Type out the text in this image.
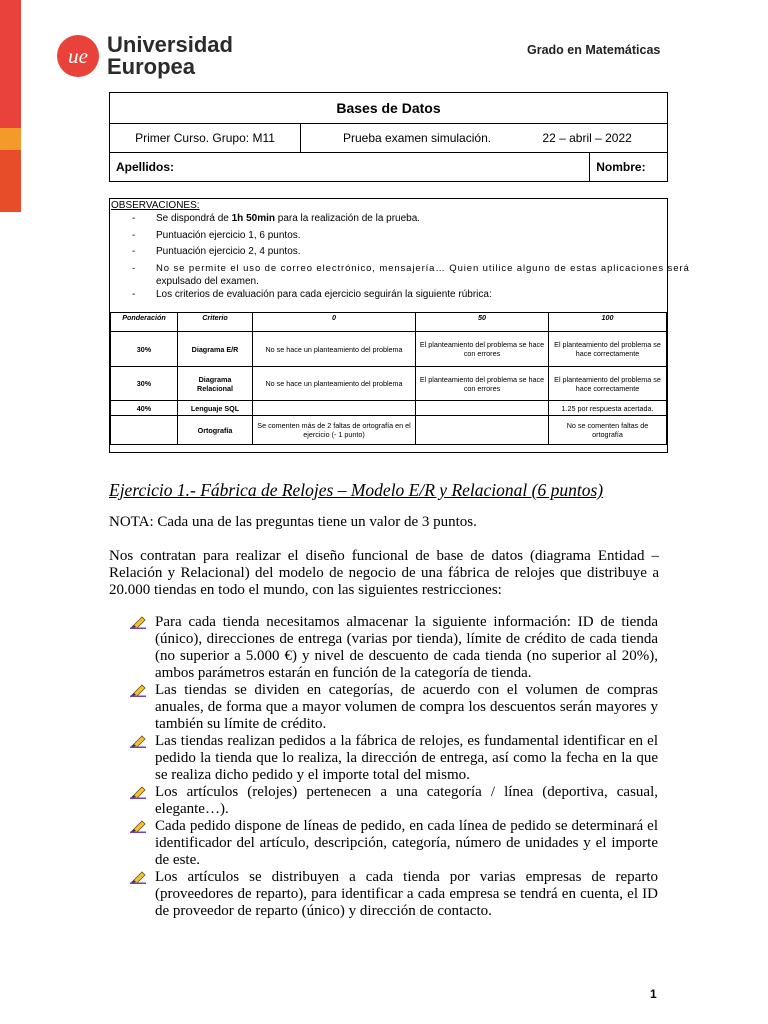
ue Universidad
Europea
Grado en Matemáticas
Bases de Datos		
Primer Curso. Grupo: M11	Prueba examen simulación. 22 – abril – 2022	
Apellidos:		Nombre:
OBSERVACIONES:
- Se dispondrá de 1h 50min para la realización de la prueba.
- Puntuación ejercicio 1, 6 puntos.
- Puntuación ejercicio 2, 4 puntos.
- No se permite el uso de correo electrónico, mensajería… Quien utilice alguno de estas aplicaciones será
expulsado del examen.
- Los criterios de evaluación para cada ejercicio seguirán la siguiente rúbrica:
Ponderación	Criterio	0	50	100
30%	Diagrama E/R	No se hace un planteamiento del problema	El planteamiento del problema se hace con errores	El planteamiento del problema se hace correctamente
30%	Diagrama Relacional	No se hace un planteamiento del problema	El planteamiento del problema se hace con errores	El planteamiento del problema se hace correctamente
40%	Lenguaje SQL			1.25 por respuesta acertada.
	Ortografía	Se comenten más de 2 faltas de ortografía en el ejercicio (- 1 punto)		No se comenten faltas de ortografía
Ejercicio 1.- Fábrica de Relojes – Modelo E/R y Relacional (6 puntos)
NOTA: Cada una de las preguntas tiene un valor de 3 puntos.
Nos contratan para realizar el diseño funcional de base de datos (diagrama Entidad – Relación y Relacional) del modelo de negocio de una fábrica de relojes que distribuye a 20.000 tiendas en todo el mundo, con las siguientes restricciones:
Para cada tienda necesitamos almacenar la siguiente información: ID de tienda (único), direcciones de entrega (varias por tienda), límite de crédito de cada tienda (no superior a 5.000 €) y nivel de descuento de cada tienda (no superior al 20%), ambos parámetros estarán en función de la categoría de tienda.
Las tiendas se dividen en categorías, de acuerdo con el volumen de compras anuales, de forma que a mayor volumen de compra los descuentos serán mayores y también su límite de crédito.
Las tiendas realizan pedidos a la fábrica de relojes, es fundamental identificar en el pedido la tienda que lo realiza, la dirección de entrega, así como la fecha en la que se realiza dicho pedido y el importe total del mismo.
Los artículos (relojes) pertenecen a una categoría / línea (deportiva, casual, elegante…).
Cada pedido dispone de líneas de pedido, en cada línea de pedido se determinará el identificador del artículo, descripción, categoría, número de unidades y el importe de este.
Los artículos se distribuyen a cada tienda por varias empresas de reparto (proveedores de reparto), para identificar a cada empresa se tendrá en cuenta, el ID de proveedor de reparto (único) y dirección de contacto.
1
